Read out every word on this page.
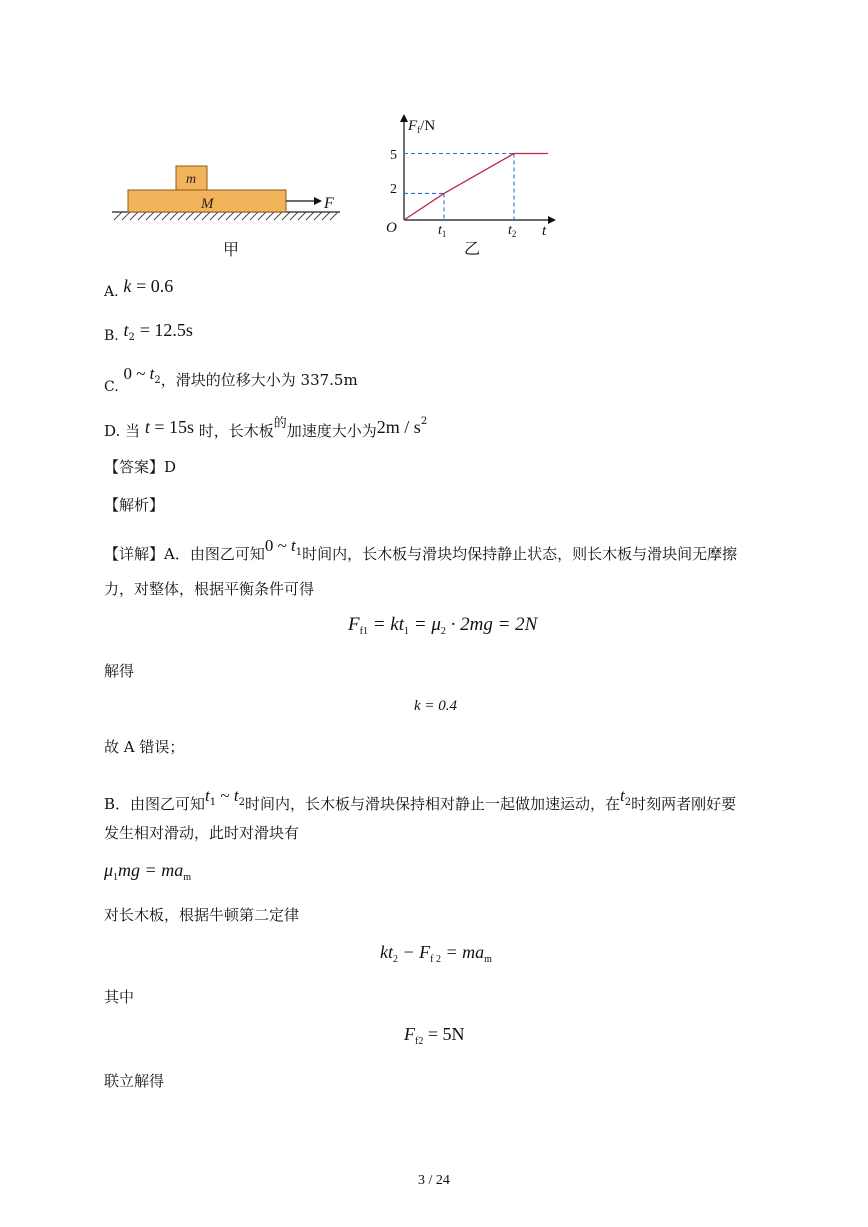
m
M	F
甲
$F_f/N$
5
2
O	$t_1$	$t_2$ t
乙
A. k = 0.6
B. $t_2 = 12.5s$
C. 0 ~ $t^2$，滑块的位移大小为 337.5m
D. 当 t = 15s 时，长木板的加速度大小为$2m / s^2$
【答案】D
【解析】
【详解】A．由图乙可知0 ~ $t^1$时间内，长木板与滑块均保持静止状态，则长木板与滑块间无摩擦
力，对整体，根据平衡条件可得
$F_{f1} = kt_1 = \mu_2 \cdot 2mg = 2N$
解得
k = 0.4
故 A 错误；
B．由图乙可知$t^1$ ~ $t^2$时间内，长木板与滑块保持相对静止一起做加速运动，在$t^2$时刻两者刚好要
发生相对滑动，此时对滑块有
$\mu_1mg = ma_m$
对长木板，根据牛顿第二定律
$kt_2 - F_{f 2} = ma_m$
其中
$F_{f2} = 5N$
联立解得
3 / 24
